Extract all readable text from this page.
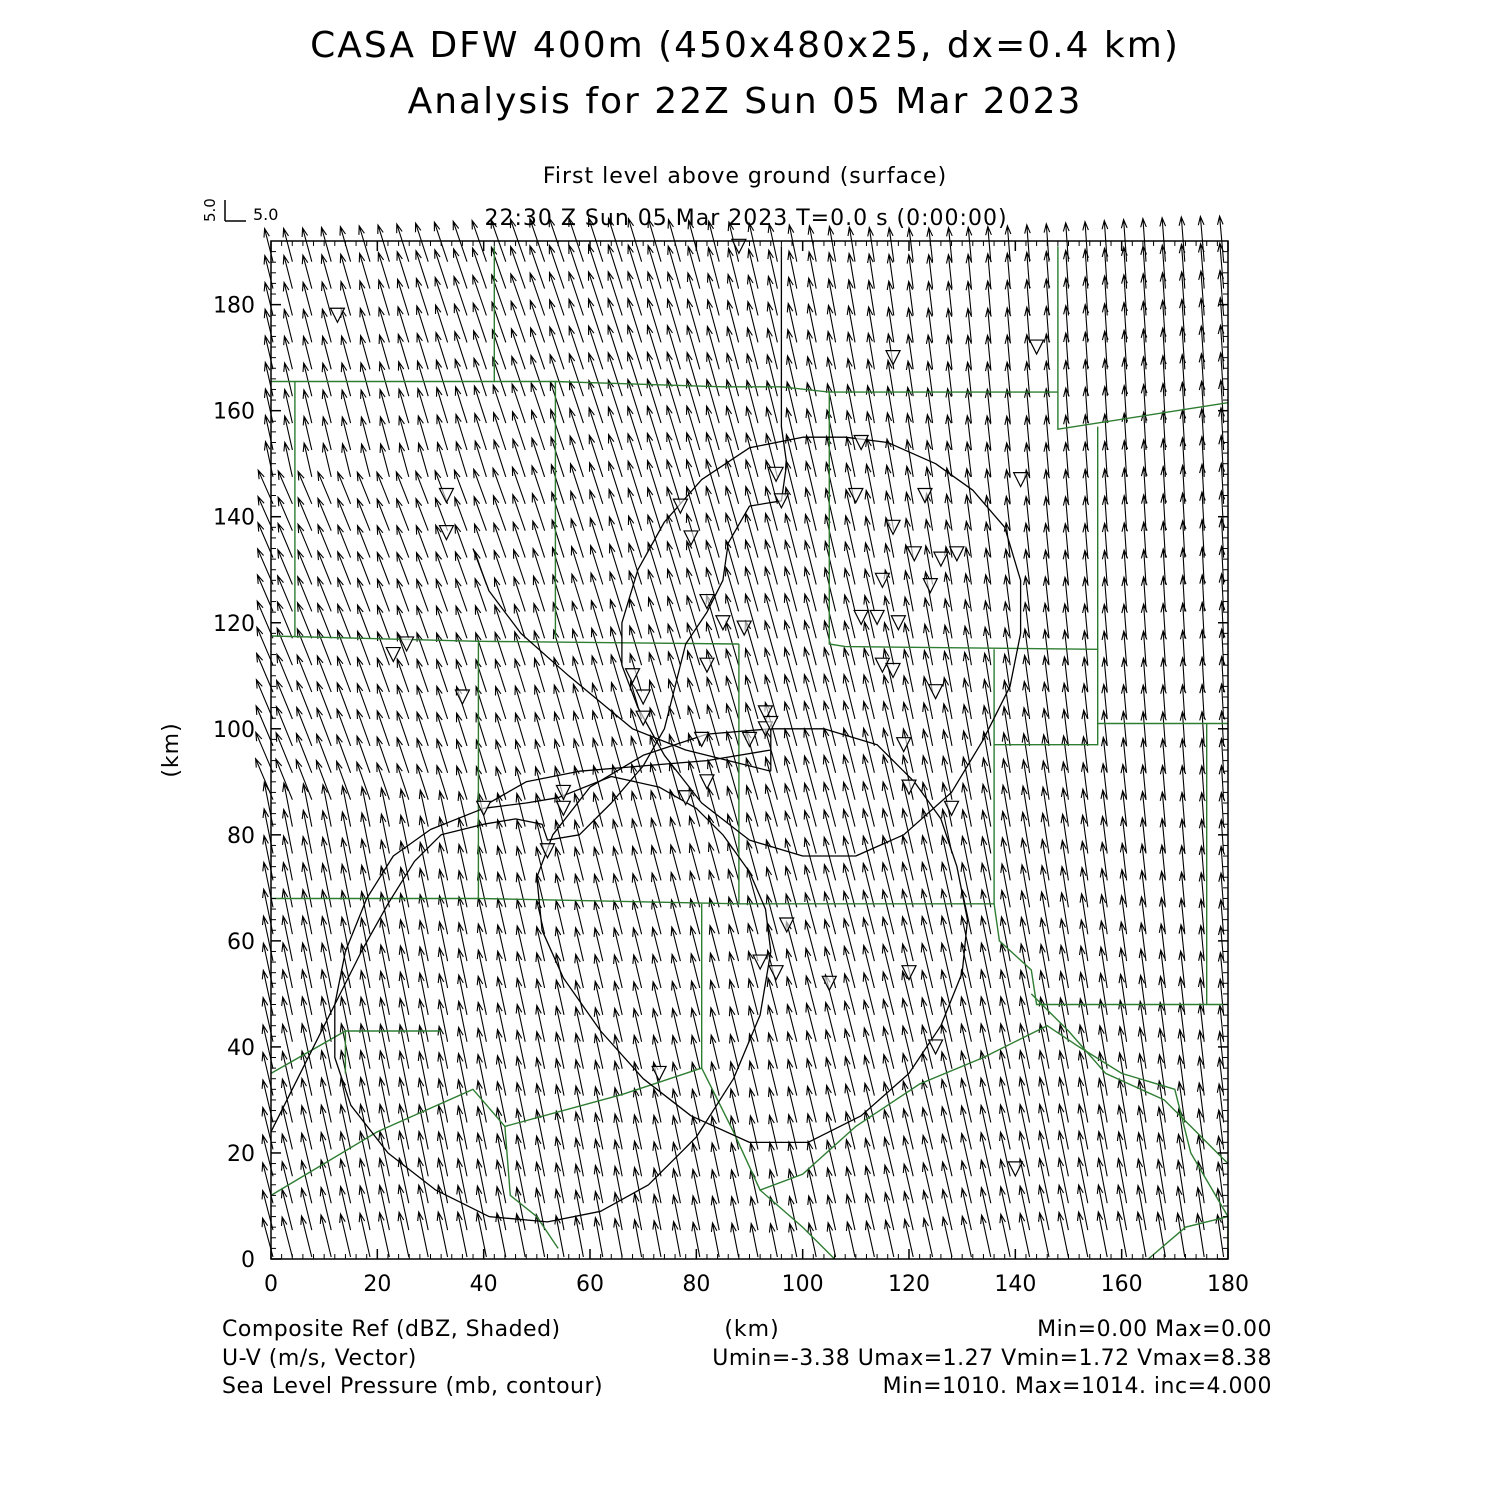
CASA DFW 400m (450x480x25, dx=0.4 km)
Analysis for 22Z Sun 05 Mar 2023
First level above ground (surface)
22:30 Z Sun 05 Mar 2023 T=0.0 s (0:00:00)
5.0 5.0
0	20	40	60	80	100	120	140	160	180
0
20
40
60
80
100
120
140
160
180
(km)
(km)
Composite Ref (dBZ, Shaded)	Min=0.00 Max=0.00
U-V (m/s, Vector)	Umin=-3.38 Umax=1.27 Vmin=1.72 Vmax=8.38
Sea Level Pressure (mb, contour)	Min=1010. Max=1014. inc=4.000
